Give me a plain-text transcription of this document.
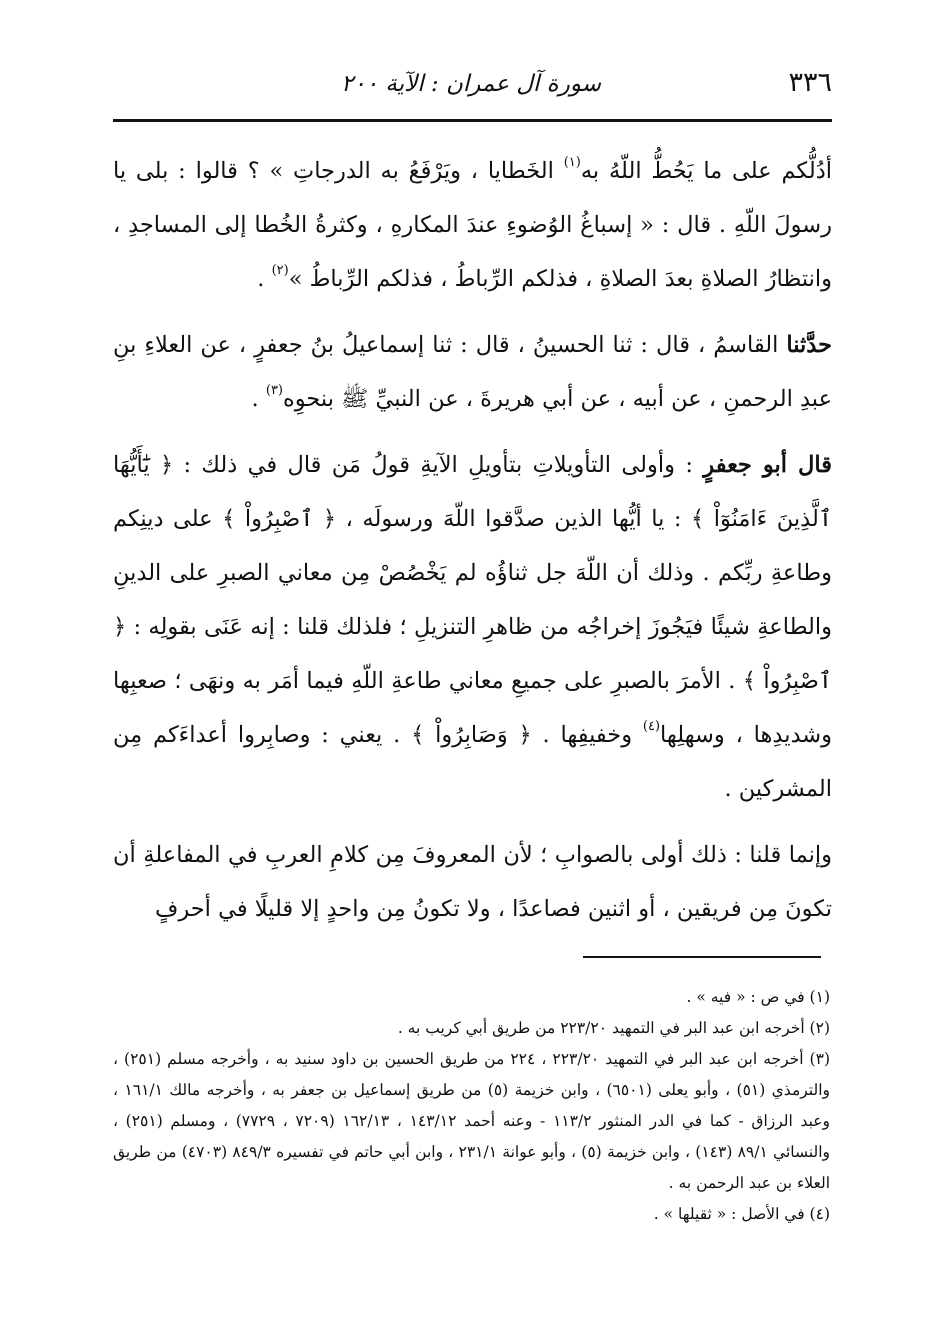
٣٣٦
سورة آل عمران : الآية ٢٠٠

أدُلُّكم على ما يَحُطُّ اللّهُ به$^{(١)}$ الخَطايا ، ويَرْفَعُ به الدرجاتِ » ؟ قالوا : بلى يا رسولَ اللّهِ . قال : « إسباغُ الوُضوءِ عندَ المكارهِ ، وكثرةُ الخُطا إلى المساجدِ ، وانتظارُ الصلاةِ بعدَ الصلاةِ ، فذلكم الرِّباطُ ، فذلكم الرِّباطُ »$^{(٢)}$ .

حدَّثنا القاسمُ ، قال : ثنا الحسينُ ، قال : ثنا إسماعيلُ بنُ جعفرٍ ، عن العلاءِ بنِ عبدِ الرحمنِ ، عن أبيه ، عن أبي هريرةَ ، عن النبيِّ ﷺ بنحوِه$^{(٣)}$ .

قال أبو جعفرٍ : وأولى التأويلاتِ بتأويلِ الآيةِ قولُ مَن قال في ذلك : ﴿ يَٰٓأَيُّهَا ٱلَّذِينَ ءَامَنُوٓاْ ﴾ : يا أيُّها الذين صدَّقوا اللّهَ ورسولَه ، ﴿ ٱصْبِرُواْ ﴾ على دينِكم وطاعةِ ربِّكم . وذلك أن اللّهَ جل ثناؤُه لم يَخْصُصْ مِن معاني الصبرِ على الدينِ والطاعةِ شيئًا فيَجُوزَ إخراجُه من ظاهرِ التنزيلِ ؛ فلذلك قلنا : إنه عَنَى بقولِه : ﴿ ٱصْبِرُواْ ﴾ . الأمرَ بالصبرِ على جميعِ معاني طاعةِ اللّهِ فيما أمَر به ونهَى ؛ صعبِها وشديدِها ، وسهلِها$^{(٤)}$ وخفيفِها . ﴿ وَصَابِرُواْ ﴾ . يعني : وصابِروا أعداءَكم مِن المشركين .

وإنما قلنا : ذلك أولى بالصوابِ ؛ لأن المعروفَ مِن كلامِ العربِ في المفاعلةِ أن تكونَ مِن فريقين ، أو اثنين فصاعدًا ، ولا تكونُ مِن واحدٍ إلا قليلًا في أحرفٍ

(١) في ص : « فيه » .

(٢) أخرجه ابن عبد البر في التمهيد ٢٢٣/٢٠ من طريق أبي كريب به .

(٣) أخرجه ابن عبد البر في التمهيد ٢٢٣/٢٠ ، ٢٢٤ من طريق الحسين بن داود سنيد به ، وأخرجه مسلم (٢٥١) ، والترمذي (٥١) ، وأبو يعلى (٦٥٠١) ، وابن خزيمة (٥) من طريق إسماعيل بن جعفر به ، وأخرجه مالك ١٦١/١ ، وعبد الرزاق - كما في الدر المنثور ١١٣/٢ - وعنه أحمد ١٤٣/١٢ ، ١٦٢/١٣ (٧٢٠٩ ، ٧٧٢٩) ، ومسلم (٢٥١) ، والنسائي ٨٩/١ (١٤٣) ، وابن خزيمة (٥) ، وأبو عوانة ٢٣١/١ ، وابن أبي حاتم في تفسيره ٨٤٩/٣ (٤٧٠٣) من طريق العلاء بن عبد الرحمن به .

(٤) في الأصل : « ثقيلها » .
